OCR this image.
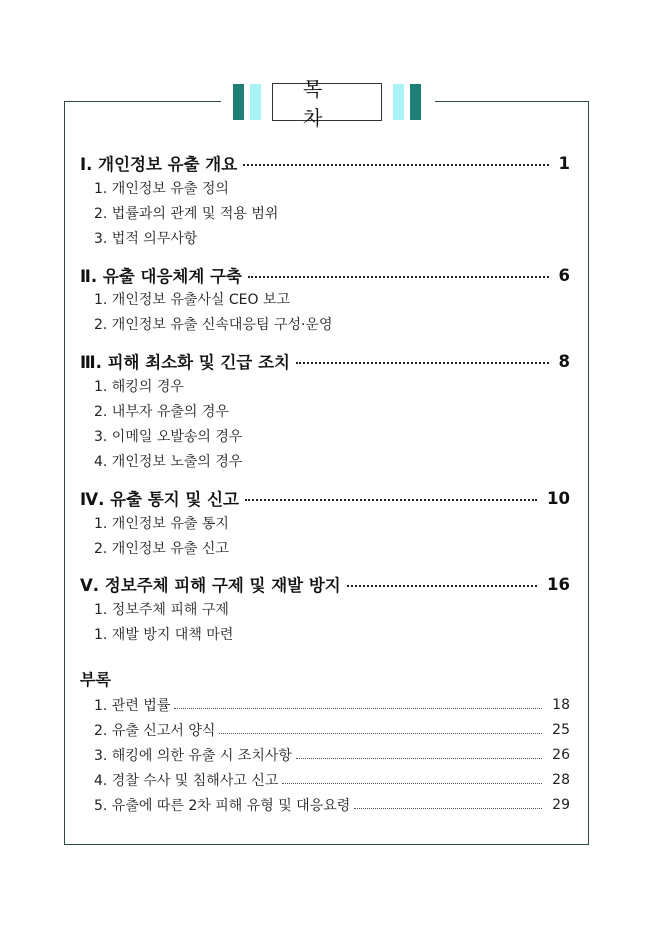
목 차
Ⅰ. 개인정보 유출 개요	1
1. 개인정보 유출 정의
2. 법률과의 관계 및 적용 범위
3. 법적 의무사항
Ⅱ. 유출 대응체계 구축	6
1. 개인정보 유출사실 CEO 보고
2. 개인정보 유출 신속대응팀 구성·운영
Ⅲ. 피해 최소화 및 긴급 조치	8
1. 해킹의 경우
2. 내부자 유출의 경우
3. 이메일 오발송의 경우
4. 개인정보 노출의 경우
Ⅳ. 유출 통지 및 신고	10
1. 개인정보 유출 통지
2. 개인정보 유출 신고
Ⅴ. 정보주체 피해 구제 및 재발 방지	16
1. 정보주체 피해 구제
1. 재발 방지 대책 마련
부록
1. 관련 법률	18
2. 유출 신고서 양식	25
3. 해킹에 의한 유출 시 조치사항	26
4. 경찰 수사 및 침해사고 신고	28
5. 유출에 따른 2차 피해 유형 및 대응요령	29
